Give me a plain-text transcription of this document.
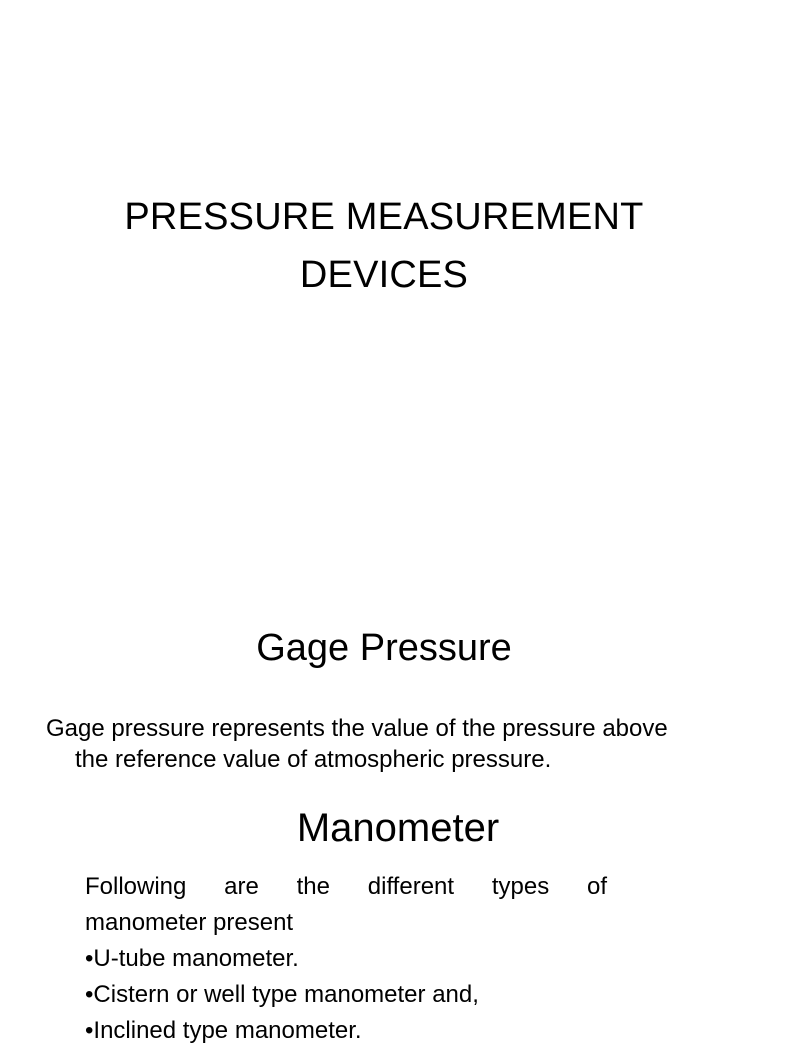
PRESSURE MEASUREMENT
DEVICES
Gage Pressure
Gage pressure represents the value of the pressure above
the reference value of atmospheric pressure.
Manometer
Following are the different types of
manometer present
•U-tube manometer.
•Cistern or well type manometer and,
•Inclined type manometer.
